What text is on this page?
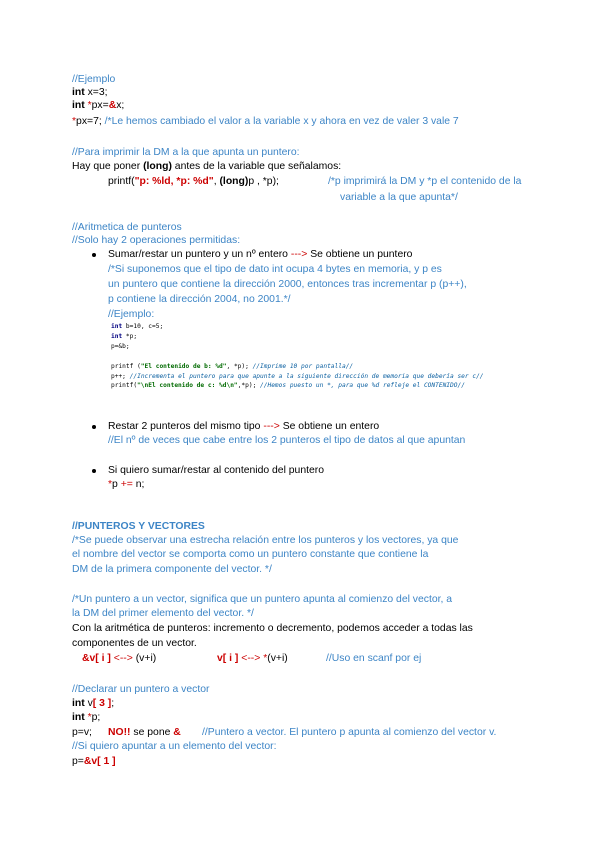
//Ejemplo
int x=3;
int *px=&x;
*px=7; /*Le hemos cambiado el valor a la variable x y ahora en vez de valer 3 vale 7
//Para imprimir la DM a la que apunta un puntero:
Hay que poner (long) antes de la variable que señalamos:
printf("p: %ld, *p: %d", (long)p , *p);	/*p imprimirá la DM y *p el contenido de la
variable a la que apunta*/
//Aritmetica de punteros
//Solo hay 2 operaciones permitidas:
Sumar/restar un puntero y un nº entero ---> Se obtiene un puntero
/*Si suponemos que el tipo de dato int ocupa 4 bytes en memoria, y p es
un puntero que contiene la dirección 2000, entonces tras incrementar p (p++),
p contiene la dirección 2004, no 2001.*/
//Ejemplo:
int b=10, c=5;
int *p;
p=&b;
printf ("El contenido de b: %d", *p); //Imprime 10 por pantalla//
p++; //Incrementa el puntero para que apunte a la siguiente dirección de memoria que debería ser c//
printf("\nEl contenido de c: %d\n",*p); //Hemos puesto un *, para que %d refleje el CONTENIDO//
Restar 2 punteros del mismo tipo ---> Se obtiene un entero
//El nº de veces que cabe entre los 2 punteros el tipo de datos al que apuntan
Si quiero sumar/restar al contenido del puntero
*p += n;
//PUNTEROS Y VECTORES
/*Se puede observar una estrecha relación entre los punteros y los vectores, ya que
el nombre del vector se comporta como un puntero constante que contiene la
DM de la primera componente del vector. */
/*Un puntero a un vector, significa que un puntero apunta al comienzo del vector, a
la DM del primer elemento del vector. */
Con la aritmética de punteros: incremento o decremento, podemos acceder a todas las
componentes de un vector.
&v[ i ] <--> (v+i)	v[ i ] <--> *(v+i)	//Uso en scanf por ej
//Declarar un puntero a vector
int v[ 3 ];
int *p;
p=v; NO!! se pone & //Puntero a vector. El puntero p apunta al comienzo del vector v.
//Si quiero apuntar a un elemento del vector:
p=&v[ 1 ]
